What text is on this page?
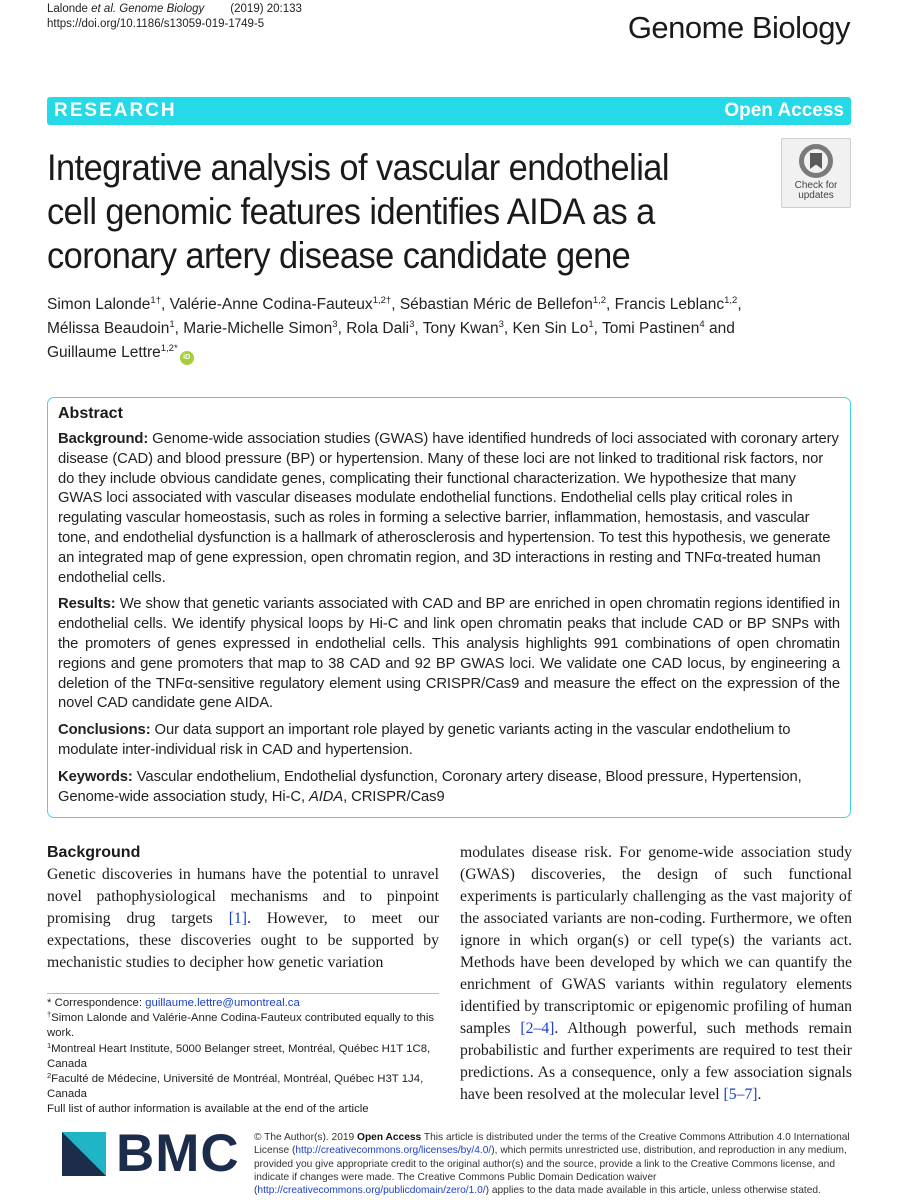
Lalonde et al. Genome Biology (2019) 20:133
https://doi.org/10.1186/s13059-019-1749-5	Genome Biology
RESEARCH	Open Access
Check for
updates
Integrative analysis of vascular endothelial cell genomic features identifies AIDA as a coronary artery disease candidate gene
Simon Lalonde$^{1\dagger}$, Valérie-Anne Codina-Fauteux$^{1,2\dagger}$, Sébastian Méric de Bellefon$^{1,2}$, Francis Leblanc$^{1,2}$,
Mélissa Beaudoin$^1$, Marie-Michelle Simon$^3$, Rola Dali$^3$, Tony Kwan$^3$, Ken Sin Lo$^1$, Tomi Pastinen$^4$ and
Guillaume Lettre$^{1,2*}$iD
Abstract

Background: Genome-wide association studies (GWAS) have identified hundreds of loci associated with coronary artery disease (CAD) and blood pressure (BP) or hypertension. Many of these loci are not linked to traditional risk factors, nor do they include obvious candidate genes, complicating their functional characterization. We hypothesize that many GWAS loci associated with vascular diseases modulate endothelial functions. Endothelial cells play critical roles in regulating vascular homeostasis, such as roles in forming a selective barrier, inflammation, hemostasis, and vascular tone, and endothelial dysfunction is a hallmark of atherosclerosis and hypertension. To test this hypothesis, we generate an integrated map of gene expression, open chromatin region, and 3D interactions in resting and TNFα-treated human endothelial cells.

Results: We show that genetic variants associated with CAD and BP are enriched in open chromatin regions identified in endothelial cells. We identify physical loops by Hi-C and link open chromatin peaks that include CAD or BP SNPs with the promoters of genes expressed in endothelial cells. This analysis highlights 991 combinations of open chromatin regions and gene promoters that map to 38 CAD and 92 BP GWAS loci. We validate one CAD locus, by engineering a deletion of the TNFα-sensitive regulatory element using CRISPR/Cas9 and measure the effect on the expression of the novel CAD candidate gene AIDA.

Conclusions: Our data support an important role played by genetic variants acting in the vascular endothelium to modulate inter-individual risk in CAD and hypertension.

Keywords: Vascular endothelium, Endothelial dysfunction, Coronary artery disease, Blood pressure, Hypertension, Genome-wide association study, Hi-C, AIDA, CRISPR/Cas9

Background

Genetic discoveries in humans have the potential to unravel novel pathophysiological mechanisms and to pinpoint promising drug targets [1]. However, to meet our expectations, these discoveries ought to be supported by mechanistic studies to decipher how genetic variation

modulates disease risk. For genome-wide association study (GWAS) discoveries, the design of such functional experiments is particularly challenging as the vast majority of the associated variants are non-coding. Furthermore, we often ignore in which organ(s) or cell type(s) the variants act. Methods have been developed by which we can quantify the enrichment of GWAS variants within regulatory elements identified by transcriptomic or epigenomic profiling of human samples [2–4]. Although powerful, such methods remain probabilistic and further experiments are required to test their predictions. As a consequence, only a few association signals have been resolved at the molecular level [5–7].

* Correspondence: guillaume.lettre@umontreal.ca
†Simon Lalonde and Valérie-Anne Codina-Fauteux contributed equally to this work.
$^1$Montreal Heart Institute, 5000 Belanger street, Montréal, Québec H1T 1C8, Canada
$^2$Faculté de Médecine, Université de Montréal, Montréal, Québec H3T 1J4, Canada
Full list of author information is available at the end of the article
BMC © The Author(s). 2019 Open Access This article is distributed under the terms of the Creative Commons Attribution 4.0 International License (http://creativecommons.org/licenses/by/4.0/), which permits unrestricted use, distribution, and reproduction in any medium, provided you give appropriate credit to the original author(s) and the source, provide a link to the Creative Commons license, and indicate if changes were made. The Creative Commons Public Domain Dedication waiver (http://creativecommons.org/publicdomain/zero/1.0/) applies to the data made available in this article, unless otherwise stated.
